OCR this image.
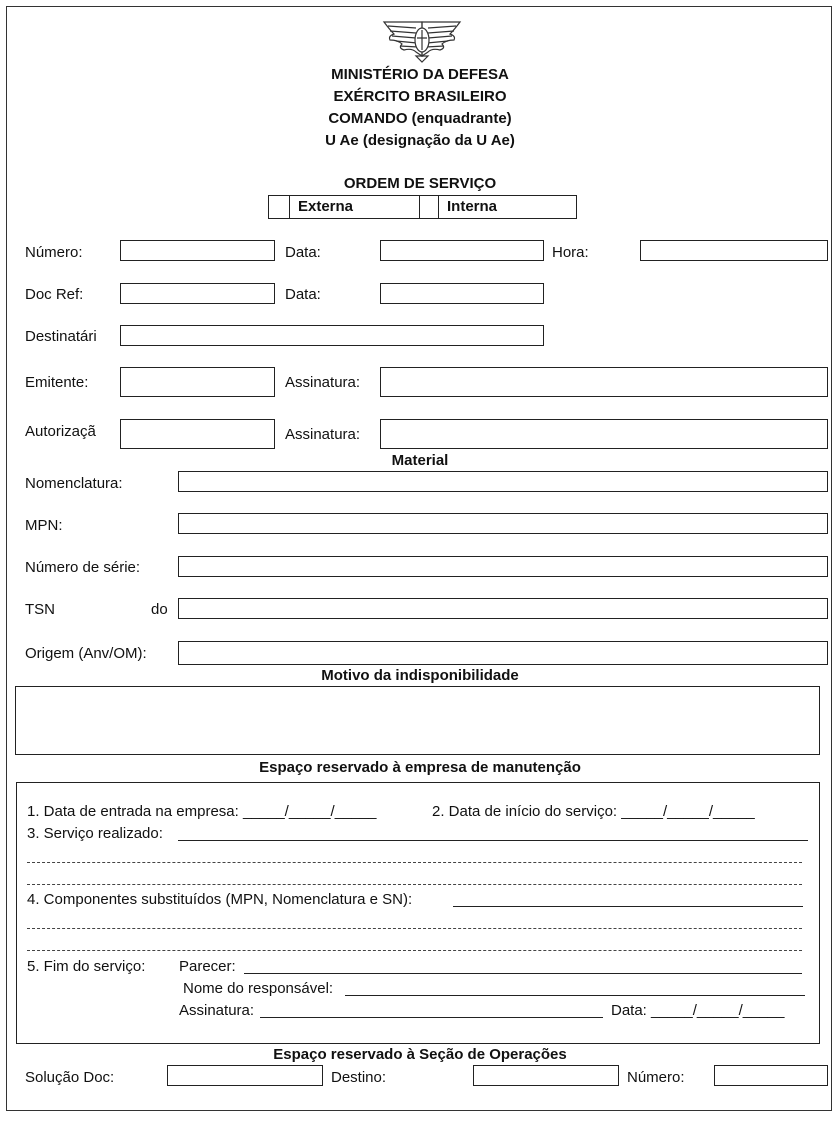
MINISTÉRIO DA DEFESA
EXÉRCITO BRASILEIRO
COMANDO (enquadrante)
U Ae (designação da U Ae)
ORDEM DE SERVIÇO
Externa	Interna
Número:	Data:	Hora:
Doc Ref:	Data:
Destinatári
Emitente:	Assinatura:
Autorizaçã	Assinatura:
Material
Nomenclatura:
MPN:
Número de série:
TSN	do
Origem (Anv/OM):
Motivo da indisponibilidade
Espaço reservado à empresa de manutenção
1. Data de entrada na empresa: _____/_____/_____	2. Data de início do serviço: _____/_____/_____
3. Serviço realizado:
4. Componentes substituídos (MPN, Nomenclatura e SN):
5. Fim do serviço: Parecer:
Nome do responsável:
Assinatura:	Data: _____/_____/_____
Espaço reservado à Seção de Operações
Solução Doc:	Destino:	Número:
